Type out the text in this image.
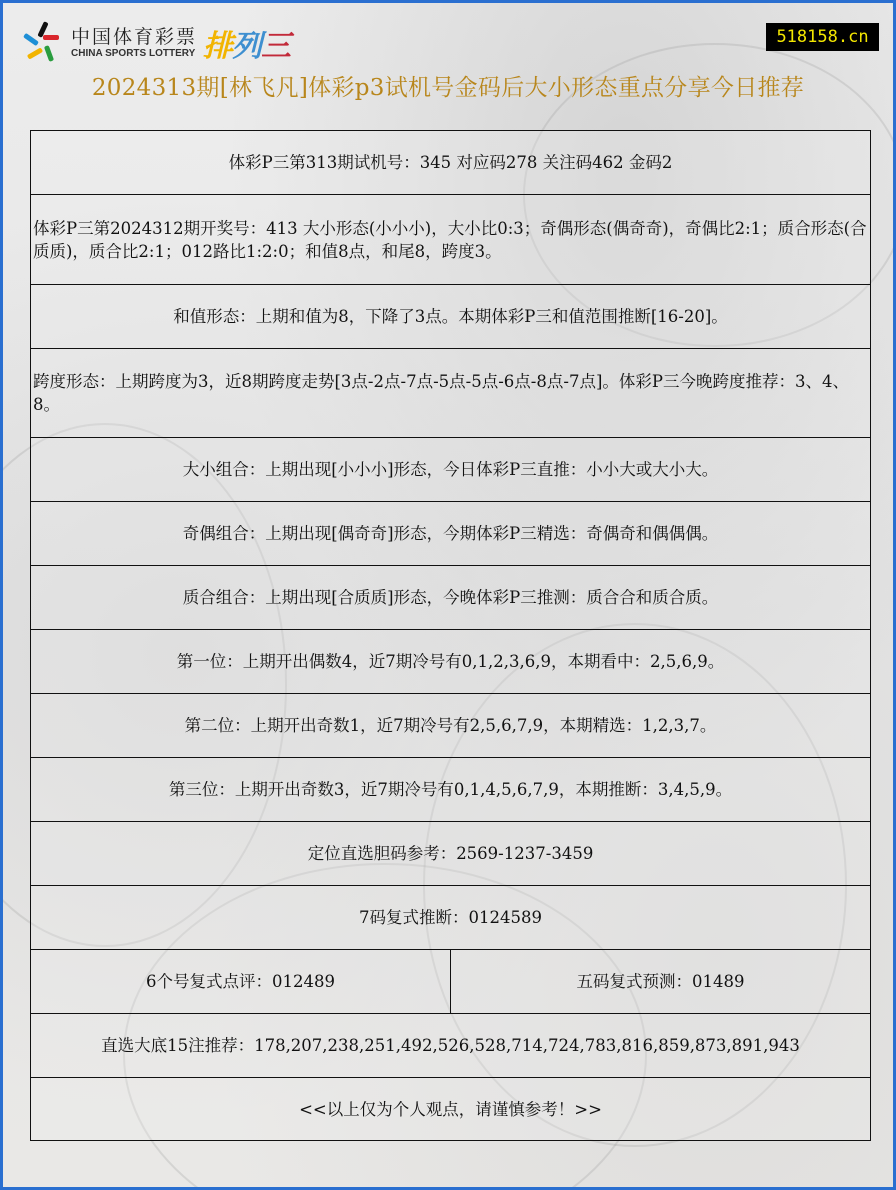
中国体育彩票
CHINA SPORTS LOTTERY 排列三	518158.cn
2024313期[林飞凡]体彩p3试机号金码后大小形态重点分享今日推荐
体彩P三第313期试机号：345 对应码278 关注码462 金码2
体彩P三第2024312期开奖号：413 大小形态(小小小)，大小比0:3；奇偶形态(偶奇奇)，奇偶比2:1；质合形态(合质质)，质合比2:1；012路比1:2:0；和值8点，和尾8，跨度3。
和值形态：上期和值为8，下降了3点。本期体彩P三和值范围推断[16-20]。
跨度形态：上期跨度为3，近8期跨度走势[3点-2点-7点-5点-5点-6点-8点-7点]。体彩P三今晚跨度推荐：3、4、8。
大小组合：上期出现[小小小]形态，今日体彩P三直推：小小大或大小大。
奇偶组合：上期出现[偶奇奇]形态，今期体彩P三精选：奇偶奇和偶偶偶。
质合组合：上期出现[合质质]形态，今晚体彩P三推测：质合合和质合质。
第一位：上期开出偶数4，近7期冷号有0,1,2,3,6,9，本期看中：2,5,6,9。
第二位：上期开出奇数1，近7期冷号有2,5,6,7,9，本期精选：1,2,3,7。
第三位：上期开出奇数3，近7期冷号有0,1,4,5,6,7,9，本期推断：3,4,5,9。
定位直选胆码参考：2569-1237-3459
7码复式推断：0124589
6个号复式点评：012489	五码复式预测：01489
直选大底15注推荐：178,207,238,251,492,526,528,714,724,783,816,859,873,891,943
<<以上仅为个人观点，请谨慎参考！>>
